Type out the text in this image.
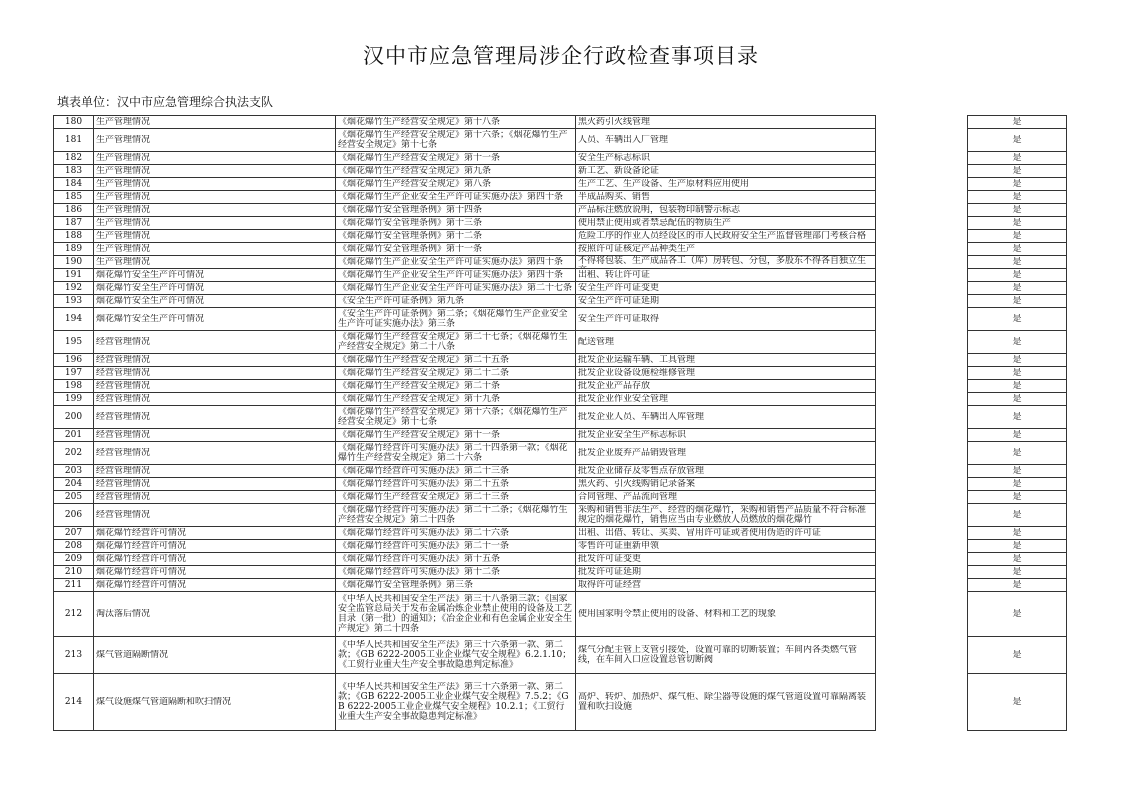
汉中市应急管理局涉企行政检查事项目录
填表单位：汉中市应急管理综合执法支队
180	生产管理情况	《烟花爆竹生产经营安全规定》第十八条	黑火药引火线管理		是

181	生产管理情况	《烟花爆竹生产经营安全规定》第十六条；《烟花爆竹生产经营安全规定》第十七条	人员、车辆出入厂管理		是

182	生产管理情况	《烟花爆竹生产经营安全规定》第十一条	安全生产标志标识		是

183	生产管理情况	《烟花爆竹生产经营安全规定》第九条	新工艺、新设备论证		是

184	生产管理情况	《烟花爆竹生产经营安全规定》第八条	生产工艺、生产设备、生产原材料应用使用		是

185	生产管理情况	《烟花爆竹生产企业安全生产许可证实施办法》第四十条	半成品购买、销售		是

186	生产管理情况	《烟花爆竹安全管理条例》第十四条	产品标注燃放说明，包装物印制警示标志		是

187	生产管理情况	《烟花爆竹安全管理条例》第十三条	使用禁止使用或者禁忌配伍的物质生产		是

188	生产管理情况	《烟花爆竹安全管理条例》第十二条	危险工序的作业人员经设区的市人民政府安全生产监督管理部门考核合格		是

189	生产管理情况	《烟花爆竹安全管理条例》第十一条	按照许可证核定产品种类生产		是

190	生产管理情况	《烟花爆竹生产企业安全生产许可证实施办法》第四十条	不得将包装、生产成品各工（库）房转包、分包，多股东不得各自独立生		是

191	烟花爆竹安全生产许可情况	《烟花爆竹生产企业安全生产许可证实施办法》第四十条	出租、转让许可证		是

192	烟花爆竹安全生产许可情况	《烟花爆竹生产企业安全生产许可证实施办法》第二十七条	安全生产许可证变更		是

193	烟花爆竹安全生产许可情况	《安全生产许可证条例》第九条	安全生产许可证延期		是

194	烟花爆竹安全生产许可情况	《安全生产许可证条例》第二条；《烟花爆竹生产企业安全生产许可证实施办法》第三条	安全生产许可证取得		是

195	经营管理情况	《烟花爆竹生产经营安全规定》第二十七条；《烟花爆竹生产经营安全规定》第二十八条	配送管理		是

196	经营管理情况	《烟花爆竹生产经营安全规定》第二十五条	批发企业运输车辆、工具管理		是

197	经营管理情况	《烟花爆竹生产经营安全规定》第二十二条	批发企业设备设施检维修管理		是

198	经营管理情况	《烟花爆竹生产经营安全规定》第二十条	批发企业产品存放		是

199	经营管理情况	《烟花爆竹生产经营安全规定》第十九条	批发企业作业安全管理		是

200	经营管理情况	《烟花爆竹生产经营安全规定》第十六条；《烟花爆竹生产经营安全规定》第十七条	批发企业人员、车辆出入库管理		是

201	经营管理情况	《烟花爆竹生产经营安全规定》第十一条	批发企业安全生产标志标识		是

202	经营管理情况	《烟花爆竹经营许可实施办法》第二十四条第一款；《烟花爆竹生产经营安全规定》第二十六条	批发企业废弃产品销毁管理		是

203	经营管理情况	《烟花爆竹经营许可实施办法》第二十三条	批发企业储存及零售点存放管理		是

204	经营管理情况	《烟花爆竹经营许可实施办法》第二十五条	黑火药、引火线购销记录备案		是

205	经营管理情况	《烟花爆竹生产经营安全规定》第二十三条	合同管理、产品流向管理		是

206	经营管理情况	《烟花爆竹经营许可实施办法》第二十二条；《烟花爆竹生产经营安全规定》第二十四条	采购和销售非法生产、经营的烟花爆竹，采购和销售产品质量不符合标准规定的烟花爆竹，销售应当由专业燃放人员燃放的烟花爆竹		是

207	烟花爆竹经营许可情况	《烟花爆竹经营许可实施办法》第二十六条	出租、出借、转让、买卖、冒用许可证或者使用伪造的许可证		是

208	烟花爆竹经营许可情况	《烟花爆竹经营许可实施办法》第二十一条	零售许可证重新申领		是

209	烟花爆竹经营许可情况	《烟花爆竹经营许可实施办法》第十五条	批发许可证变更		是

210	烟花爆竹经营许可情况	《烟花爆竹经营许可实施办法》第十二条	批发许可证延期		是

211	烟花爆竹经营许可情况	《烟花爆竹安全管理条例》第三条	取得许可证经营		是

212	淘汰落后情况	《中华人民共和国安全生产法》第三十八条第三款；《国家安全监管总局关于发布金属冶炼企业禁止使用的设备及工艺目录（第一批）的通知》；《冶金企业和有色金属企业安全生产规定》第二十四条	使用国家明令禁止使用的设备、材料和工艺的现象		是

213	煤气管道隔断情况	《中华人民共和国安全生产法》第三十六条第一款、第二款；《GB 6222-2005工业企业煤气安全规程》6.2.1.10；《工贸行业重大生产安全事故隐患判定标准》	煤气分配主管上支管引接处，设置可靠的切断装置；车间内各类燃气管线，在车间入口应设置总管切断阀		是

214	煤气设施煤气管道隔断和吹扫情况	《中华人民共和国安全生产法》第三十六条第一款、第二款；《GB 6222-2005工业企业煤气安全规程》7.5.2；《GB 6222-2005工业企业煤气安全规程》10.2.1；《工贸行业重大生产安全事故隐患判定标准》	高炉、转炉、加热炉、煤气柜、除尘器等设施的煤气管道设置可靠隔离装置和吹扫设施		是
